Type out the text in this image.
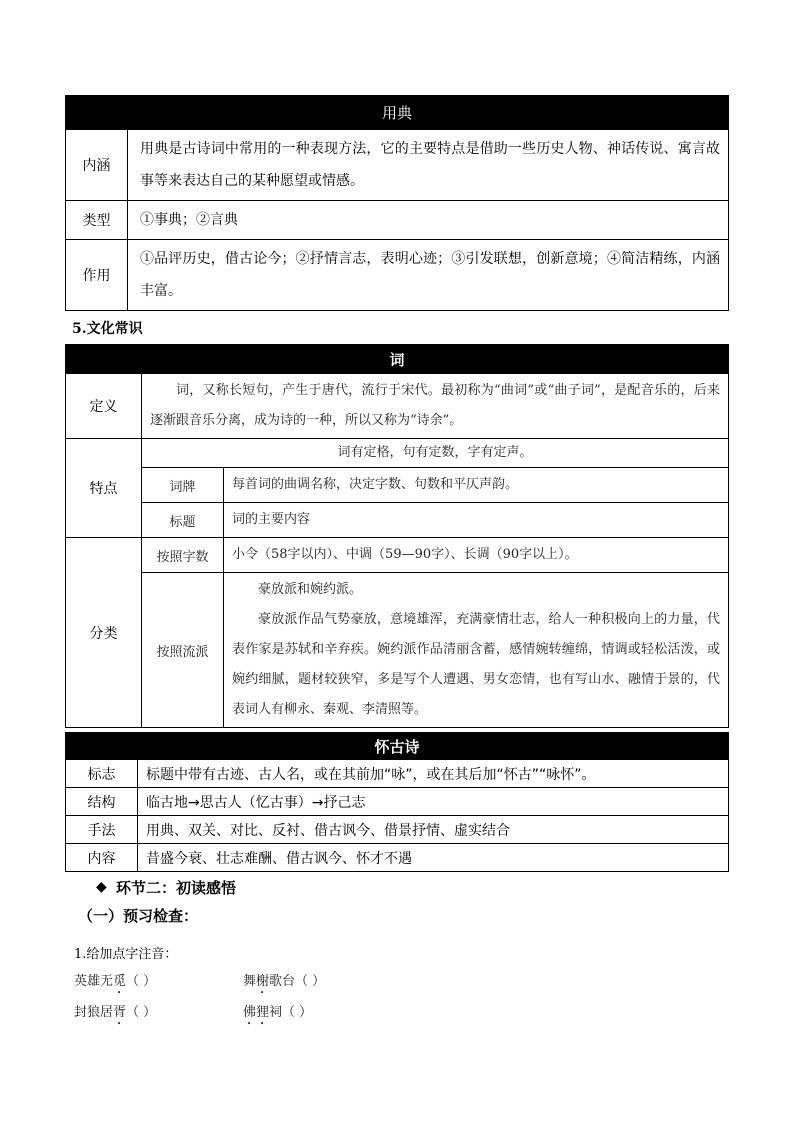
用典	
内涵	用典是古诗词中常用的一种表现方法，它的主要特点是借助一些历史人物、神话传说、寓言故事等来表达自己的某种愿望或情感。
类型	①事典；②言典
作用	①品评历史，借古论今；②抒情言志，表明心迹；③引发联想，创新意境；④简洁精练，内涵丰富。
5.文化常识
词		
定义	词，又称长短句，产生于唐代，流行于宋代。最初称为“曲词”或“曲子词”，是配音乐的，后来逐渐跟音乐分离，成为诗的一种，所以又称为“诗余”。	
特点	词有定格，句有定数，字有定声。	
	词牌	每首词的曲调名称，决定字数、句数和平仄声韵。
	标题	词的主要内容
分类	按照字数	小令（58字以内）、中调（59—90字）、长调（90字以上）。
	按照流派	豪放派和婉约派。
豪放派作品气势豪放，意境雄浑，充满豪情壮志，给人一种积极向上的力量，代表作家是苏轼和辛弃疾。婉约派作品清丽含蓄，感情婉转缠绵，情调或轻松活泼，或婉约细腻，题材较狭窄，多是写个人遭遇、男女恋情，也有写山水、融情于景的，代表词人有柳永、秦观、李清照等。
怀古诗	
标志	标题中带有古迹、古人名，或在其前加“咏”，或在其后加“怀古”“咏怀”。
结构	临古地→思古人（忆古事）→抒己志
手法	用典、双关、对比、反衬、借古讽今、借景抒情、虚实结合
内容	昔盛今衰、壮志难酬、借古讽今、怀才不遇
◆ 环节二：初读感悟
（一）预习检查：
1.给加点字注音：
英雄无觅（ ）	舞榭歌台（ ）
封狼居胥（ ）	佛狸祠（ ）
